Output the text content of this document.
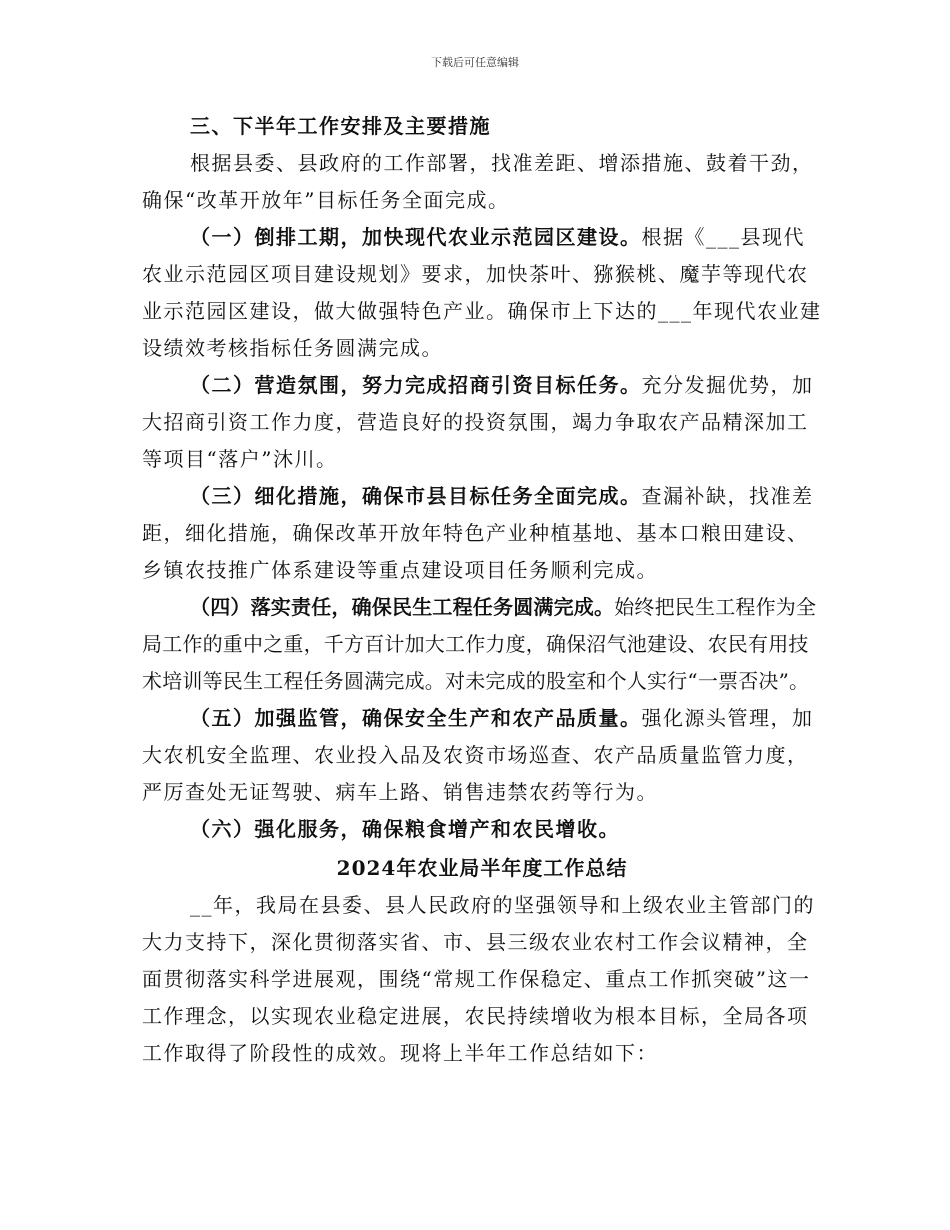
下载后可任意编辑

三、下半年工作安排及主要措施

根据县委、县政府的工作部署，找准差距、增添措施、鼓着干劲，确保“改革开放年”目标任务全面完成。

（一）倒排工期，加快现代农业示范园区建设。根据《___县现代农业示范园区项目建设规划》要求，加快茶叶、猕猴桃、魔芋等现代农业示范园区建设，做大做强特色产业。确保市上下达的___年现代农业建设绩效考核指标任务圆满完成。

（二）营造氛围，努力完成招商引资目标任务。充分发掘优势，加大招商引资工作力度，营造良好的投资氛围，竭力争取农产品精深加工等项目“落户”沐川。

（三）细化措施，确保市县目标任务全面完成。查漏补缺，找准差距，细化措施，确保改革开放年特色产业种植基地、基本口粮田建设、乡镇农技推广体系建设等重点建设项目任务顺利完成。

（四）落实责任，确保民生工程任务圆满完成。始终把民生工程作为全局工作的重中之重，千方百计加大工作力度，确保沼气池建设、农民有用技术培训等民生工程任务圆满完成。对未完成的股室和个人实行“一票否决”。

（五）加强监管，确保安全生产和农产品质量。强化源头管理，加大农机安全监理、农业投入品及农资市场巡查、农产品质量监管力度，严厉查处无证驾驶、病车上路、销售违禁农药等行为。

（六）强化服务，确保粮食增产和农民增收。

2024年农业局半年度工作总结

__年，我局在县委、县人民政府的坚强领导和上级农业主管部门的大力支持下，深化贯彻落实省、市、县三级农业农村工作会议精神，全面贯彻落实科学进展观，围绕“常规工作保稳定、重点工作抓突破”这一工作理念，以实现农业稳定进展，农民持续增收为根本目标，全局各项工作取得了阶段性的成效。现将上半年工作总结如下：
